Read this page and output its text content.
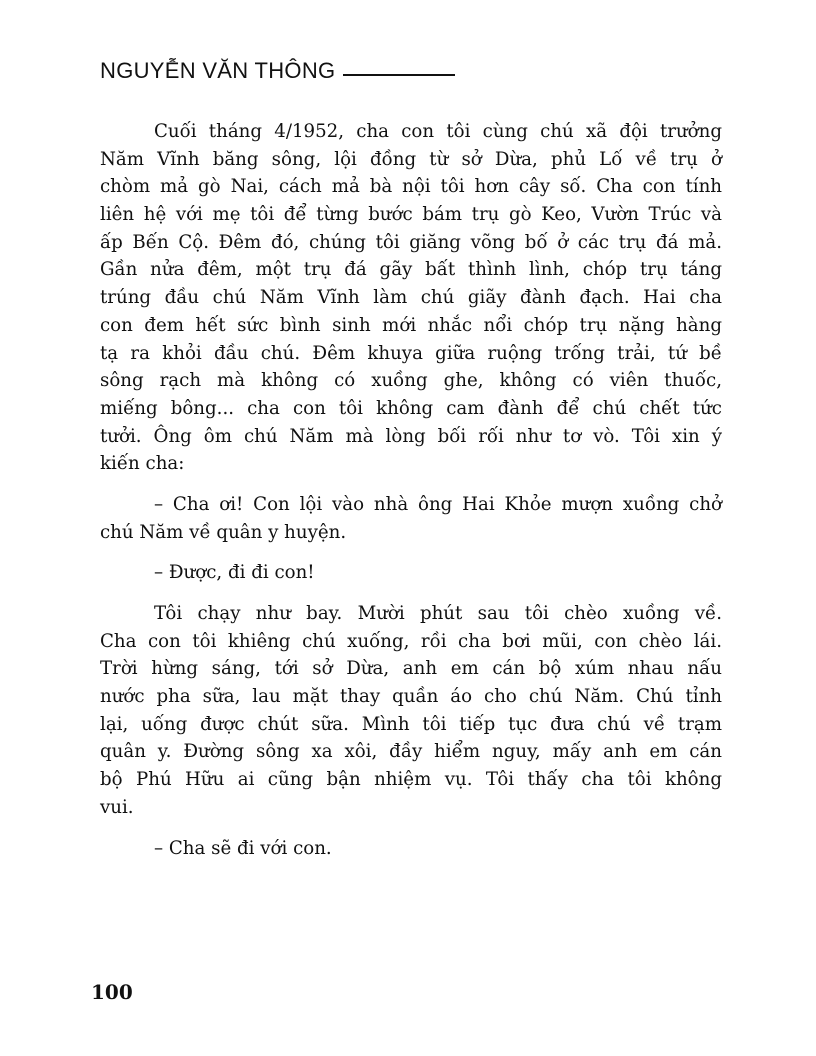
NGUYỄN VĂN THÔNG
Cuối tháng 4/1952, cha con tôi cùng chú xã đội trưởng
Năm Vĩnh băng sông, lội đồng từ sở Dừa, phủ Lố về trụ ở
chòm mả gò Nai, cách mả bà nội tôi hơn cây số. Cha con tính
liên hệ với mẹ tôi để từng bước bám trụ gò Keo, Vườn Trúc và
ấp Bến Cộ. Đêm đó, chúng tôi giăng võng bố ở các trụ đá mả.
Gần nửa đêm, một trụ đá gãy bất thình lình, chóp trụ táng
trúng đầu chú Năm Vĩnh làm chú giãy đành đạch. Hai cha
con đem hết sức bình sinh mới nhắc nổi chóp trụ nặng hàng
tạ ra khỏi đầu chú. Đêm khuya giữa ruộng trống trải, tứ bề
sông rạch mà không có xuồng ghe, không có viên thuốc,
miếng bông... cha con tôi không cam đành để chú chết tức
tưởi. Ông ôm chú Năm mà lòng bối rối như tơ vò. Tôi xin ý
kiến cha:
– Cha ơi! Con lội vào nhà ông Hai Khỏe mượn xuồng chở
chú Năm về quân y huyện.
– Được, đi đi con!
Tôi chạy như bay. Mười phút sau tôi chèo xuồng về.
Cha con tôi khiêng chú xuống, rồi cha bơi mũi, con chèo lái.
Trời hừng sáng, tới sở Dừa, anh em cán bộ xúm nhau nấu
nước pha sữa, lau mặt thay quần áo cho chú Năm. Chú tỉnh
lại, uống được chút sữa. Mình tôi tiếp tục đưa chú về trạm
quân y. Đường sông xa xôi, đầy hiểm nguy, mấy anh em cán
bộ Phú Hữu ai cũng bận nhiệm vụ. Tôi thấy cha tôi không
vui.
– Cha sẽ đi với con.
100
